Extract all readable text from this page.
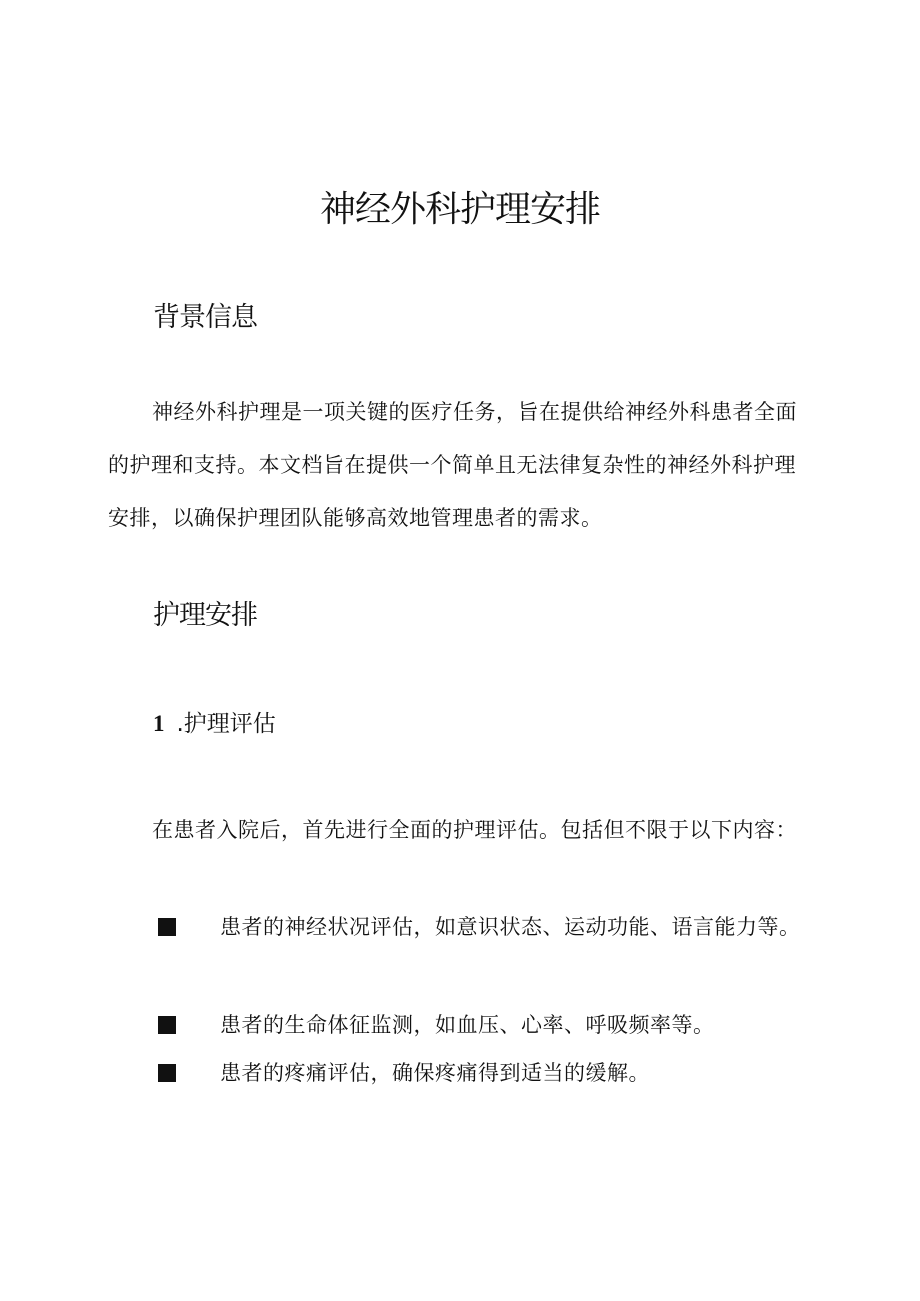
神经外科护理安排
背景信息

神经外科护理是一项关键的医疗任务，旨在提供给神经外科患者全面的护理和支持。本文档旨在提供一个简单且无法律复杂性的神经外科护理安排，以确保护理团队能够高效地管理患者的需求。

护理安排
1 .护理评估

在患者入院后，首先进行全面的护理评估。包括但不限于以下内容：

患者的神经状况评估，如意识状态、运动功能、语言能力等。

患者的生命体征监测，如血压、心率、呼吸频率等。

患者的疼痛评估，确保疼痛得到适当的缓解。
